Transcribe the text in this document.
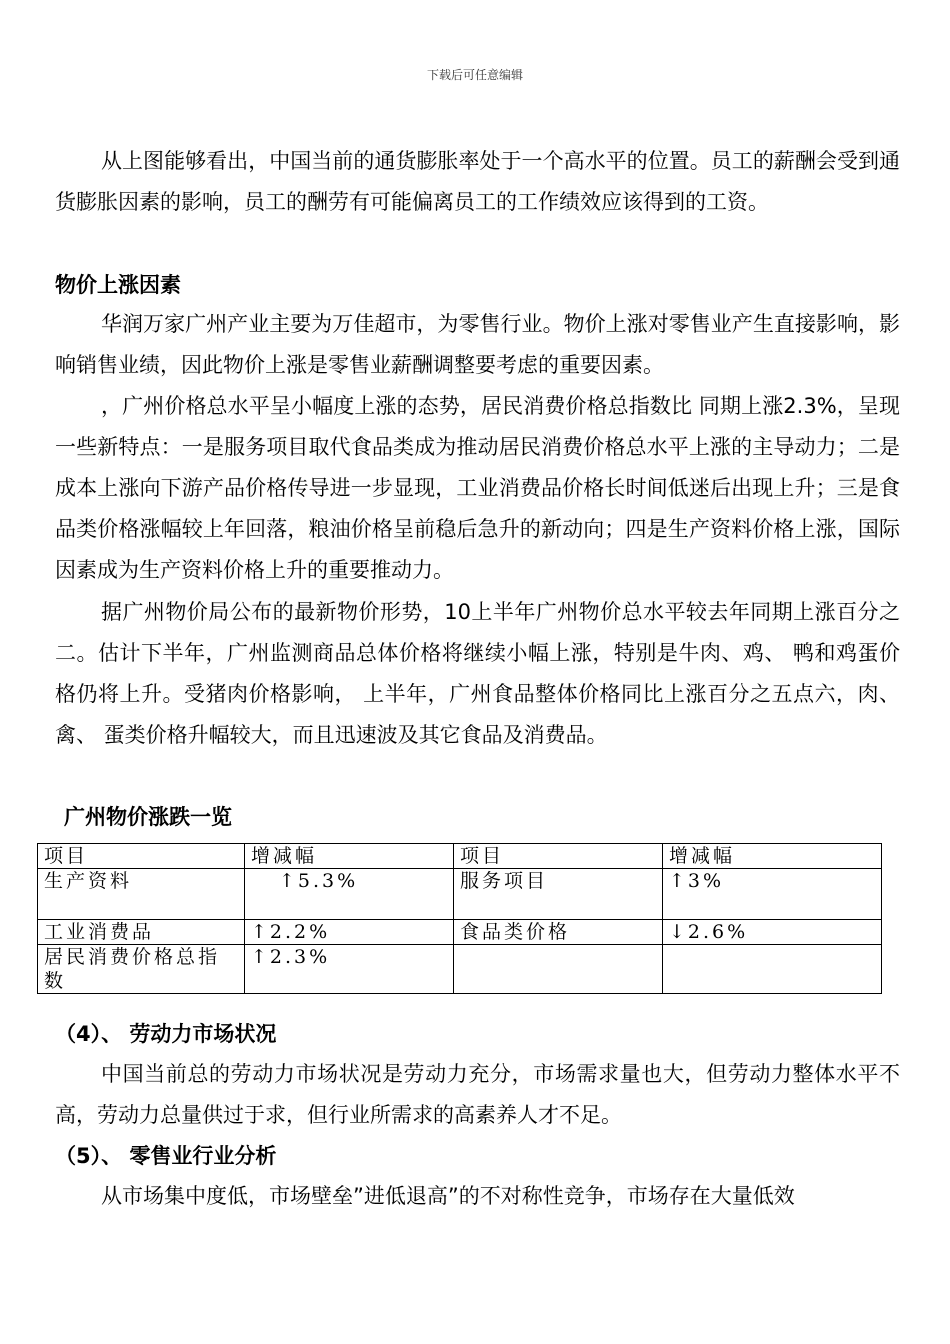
下载后可任意编辑

从上图能够看出，中国当前的通货膨胀率处于一个高水平的位置。员工的薪酬会受到通货膨胀因素的影响，员工的酬劳有可能偏离员工的工作绩效应该得到的工资。

物价上涨因素

华润万家广州产业主要为万佳超市，为零售行业。物价上涨对零售业产生直接影响，影响销售业绩，因此物价上涨是零售业薪酬调整要考虑的重要因素。

，广州价格总水平呈小幅度上涨的态势，居民消费价格总指数比 同期上涨2.3%，呈现一些新特点：一是服务项目取代食品类成为推动居民消费价格总水平上涨的主导动力；二是成本上涨向下游产品价格传导进一步显现，工业消费品价格长时间低迷后出现上升；三是食品类价格涨幅较上年回落，粮油价格呈前稳后急升的新动向；四是生产资料价格上涨，国际因素成为生产资料价格上升的重要推动力。

据广州物价局公布的最新物价形势，10上半年广州物价总水平较去年同期上涨百分之二。估计下半年，广州监测商品总体价格将继续小幅上涨，特别是牛肉、鸡、 鸭和鸡蛋价格仍将上升。受猪肉价格影响， 上半年，广州食品整体价格同比上涨百分之五点六，肉、 禽、 蛋类价格升幅较大，而且迅速波及其它食品及消费品。

广州物价涨跌一览

项目	增减幅	项目	增减幅
生产资料	↑5.3%	服务项目	↑3%
工业消费品	↑2.2%	食品类价格	↓2.6%
居民消费价格总指数	↑2.3%		

（4）、 劳动力市场状况

中国当前总的劳动力市场状况是劳动力充分，市场需求量也大，但劳动力整体水平不高，劳动力总量供过于求，但行业所需求的高素养人才不足。

（5）、 零售业行业分析

从市场集中度低，市场壁垒”进低退高”的不对称性竞争，市场存在大量低效
